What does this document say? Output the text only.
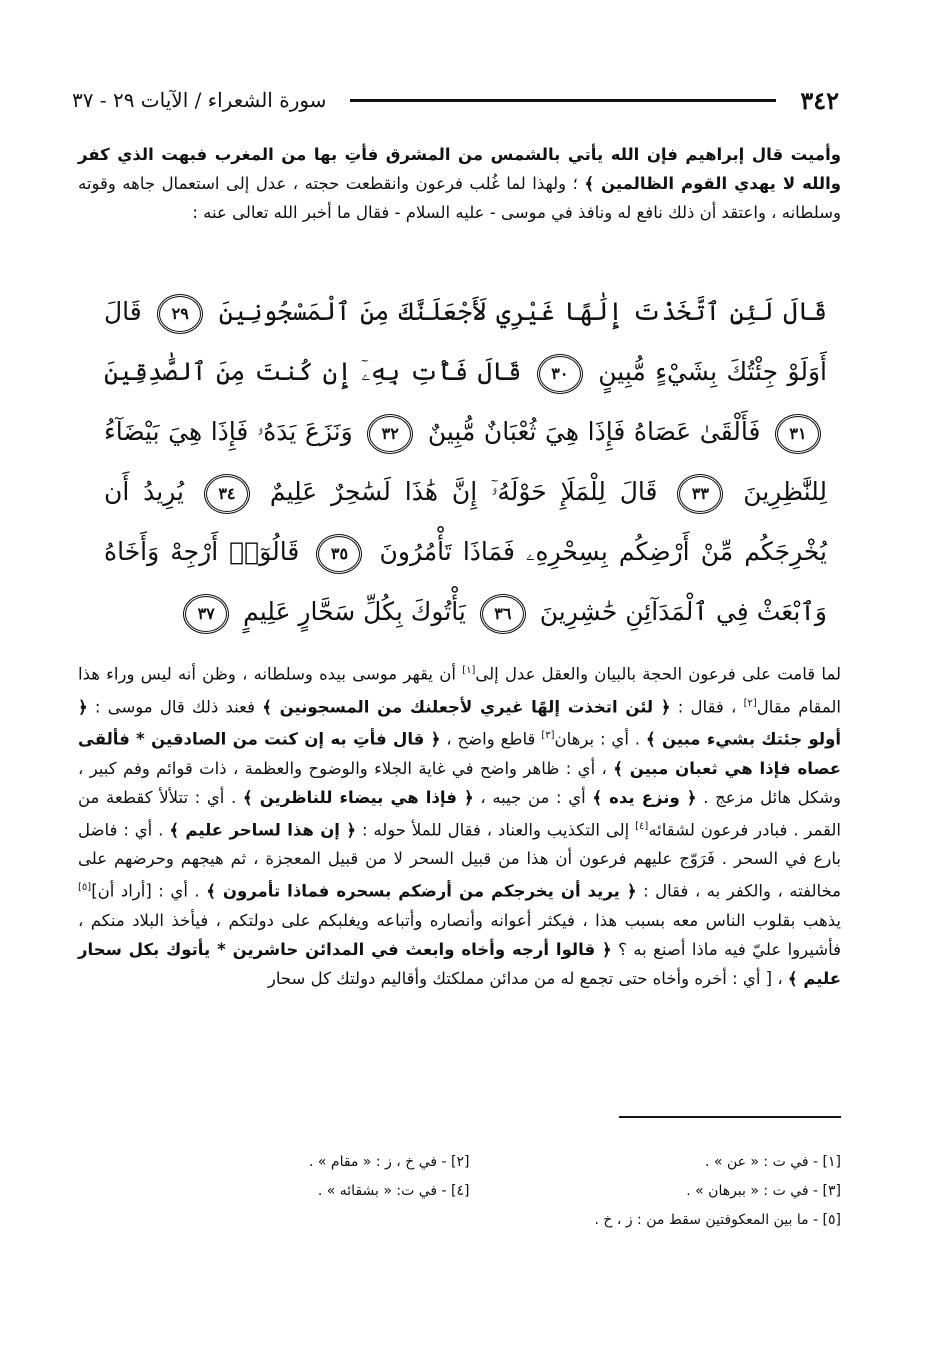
٣٤٢
سورة الشعراء / الآيات ٢٩ - ٣٧
وأميت قال إبراهيم فإن الله يأتي بالشمس من المشرق فأتِ بها من المغرب فبهت الذي كفر والله لا يهدي القوم الظالمين ﴾ ؛ ولهذا لما غُلب فرعون وانقطعت حجته ، عدل إلى استعمال جاهه وقوته وسلطانه ، واعتقد أن ذلك نافع له ونافذ في موسى - عليه السلام - فقال ما أخبر الله تعالى عنه :
قَالَ لَئِنِ ٱتَّخَذْتَ إِلَٰهًا غَيْرِي لَأَجْعَلَنَّكَ مِنَ ٱلْمَسْجُونِينَ ٢٩ قَالَ أَوَلَوْ جِئْتُكَ بِشَيْءٍ مُّبِينٍ ٣٠ قَالَ فَأْتِ بِهِۦٓ إِن كُنتَ مِنَ ٱلصَّٰدِقِينَ ٣١ فَأَلْقَىٰ عَصَاهُ فَإِذَا هِيَ ثُعْبَانٌ مُّبِينٌ ٣٢ وَنَزَعَ يَدَهُۥ فَإِذَا هِيَ بَيْضَآءُ لِلنَّٰظِرِينَ ٣٣ قَالَ لِلْمَلَإِ حَوْلَهُۥٓ إِنَّ هَٰذَا لَسَٰحِرٌ عَلِيمٌ ٣٤ يُرِيدُ أَن يُخْرِجَكُم مِّنْ أَرْضِكُم بِسِحْرِهِۦ فَمَاذَا تَأْمُرُونَ ٣٥ قَالُوٓا۟ أَرْجِهْ وَأَخَاهُ وَٱبْعَثْ فِي ٱلْمَدَآئِنِ حَٰشِرِينَ ٣٦ يَأْتُوكَ بِكُلِّ سَحَّارٍ عَلِيمٍ ٣٧
لما قامت على فرعون الحجة بالبيان والعقل عدل إلى[١] أن يقهر موسى بيده وسلطانه ، وظن أنه ليس وراء هذا المقام مقال[٢] ، فقال : ﴿ لئن اتخذت إلهًا غيري لأجعلنك من المسجونين ﴾ فعند ذلك قال موسى : ﴿ أولو جئتك بشيء مبين ﴾ . أي : برهان[٣] قاطع واضح ، ﴿ قال فأتِ به إن كنت من الصادقين * فألقى عصاه فإذا هي ثعبان مبين ﴾ ، أي : ظاهر واضح في غاية الجلاء والوضوح والعظمة ، ذات قوائم وفم كبير ، وشكل هائل مزعج . ﴿ ونزع يده ﴾ أي : من جيبه ، ﴿ فإذا هي بيضاء للناظرين ﴾ . أي : تتلألأ كقطعة من القمر . فبادر فرعون لشقائه[٤] إلى التكذيب والعناد ، فقال للملأ حوله : ﴿ إن هذا لساحر عليم ﴾ . أي : فاضل بارع في السحر . فَرَوّج عليهم فرعون أن هذا من قبيل السحر لا من قبيل المعجزة ، ثم هيجهم وحرضهم على مخالفته ، والكفر به ، فقال : ﴿ يريد أن يخرجكم من أرضكم بسحره فماذا تأمرون ﴾ . أي : [أراد أن][٥] يذهب بقلوب الناس معه بسبب هذا ، فيكثر أعوانه وأنصاره وأتباعه ويغلبكم على دولتكم ، فيأخذ البلاد منكم ، فأشيروا عليّ فيه ماذا أصنع به ؟ ﴿ قالوا أرجه وأخاه وابعث في المدائن حاشرين * يأتوك بكل سحار عليم ﴾ ، [ أي : أخره وأخاه حتى تجمع له من مدائن مملكتك وأقاليم دولتك كل سحار
[١] - في ت : « عن » .
[٢] - في خ ، ز : « مقام » .
[٣] - في ت : « ببرهان » .
[٤] - في ت: « بشقائه » .
[٥] - ما بين المعكوفتين سقط من : ز ، خ .
